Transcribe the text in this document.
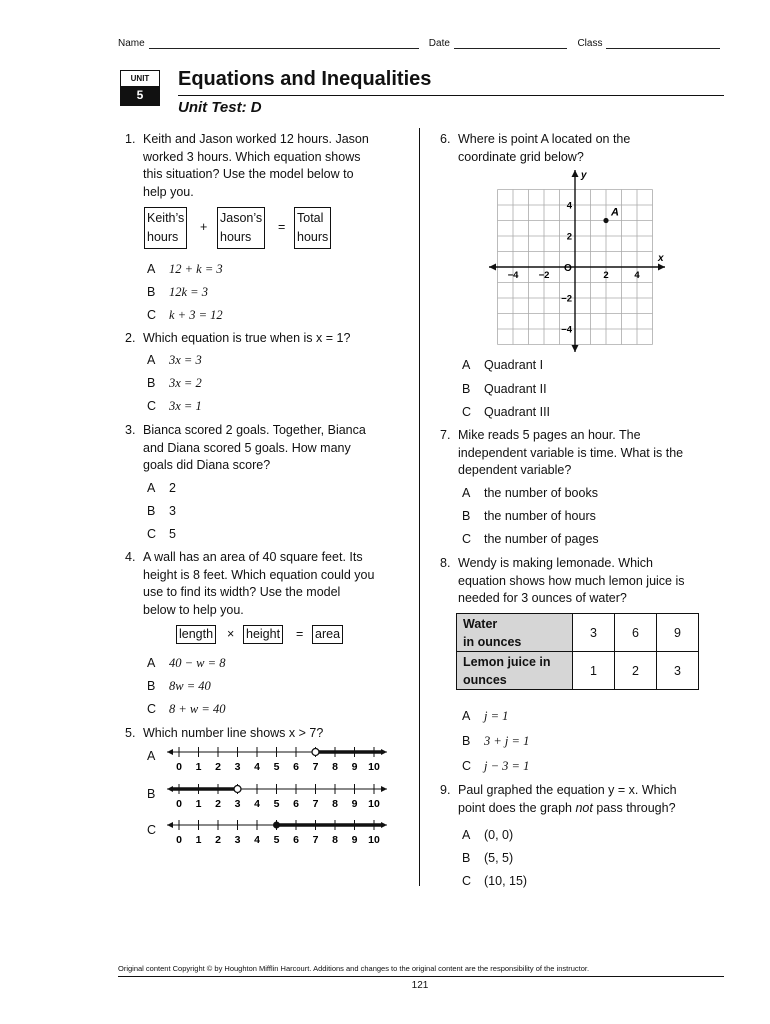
Name	Date	Class
UNIT
5
Equations and Inequalities
Unit Test: D
1. Keith and Jason worked 12 hours. Jason
worked 3 hours. Which equation shows
this situation? Use the model below to
help you.
Keith’s
hours
+
Jason’s
hours
=
Total
hours
A 12 + k = 3
B 12k = 3
C k + 3 = 12
2. Which equation is true when is x = 1?
A 3x = 3
B 3x = 2
C 3x = 1
3. Bianca scored 2 goals. Together, Bianca
and Diana scored 5 goals. How many
goals did Diana score?
A 2
B 3
C 5
4. A wall has an area of 40 square feet. Its
height is 8 feet. Which equation could you
use to find its width? Use the model
below to help you.
length × height = area
A 40 − w = 8
B 8w = 40
C 8 + w = 40
5. Which number line shows x > 7?
A
B
C
0 1 2 3 4 5 6 7 8 9 10
0 1 2 3 4 5 6 7 8 9 10
0 1 2 3 4 5 6 7 8 9 10
6. Where is point A located on the
coordinate grid below?
x
y
O
−4 −2	2	4
4
2
−2
−4
A
A Quadrant I
B Quadrant II
C Quadrant III
7. Mike reads 5 pages an hour. The
independent variable is time. What is the
dependent variable?
A the number of books
B the number of hours
C the number of pages
8. Wendy is making lemonade. Which
equation shows how much lemon juice is
needed for 3 ounces of water?
Water
in ounces	3	6	9

Lemon juice in
ounces	1	2	3
A j = 1
B 3 + j = 1
C j − 3 = 1
9. Paul graphed the equation y = x. Which
point does the graph not pass through?
A (0, 0)
B (5, 5)
C (10, 15)
Original content Copyright © by Houghton Mifflin Harcourt. Additions and changes to the original content are the responsibility of the instructor.
121
